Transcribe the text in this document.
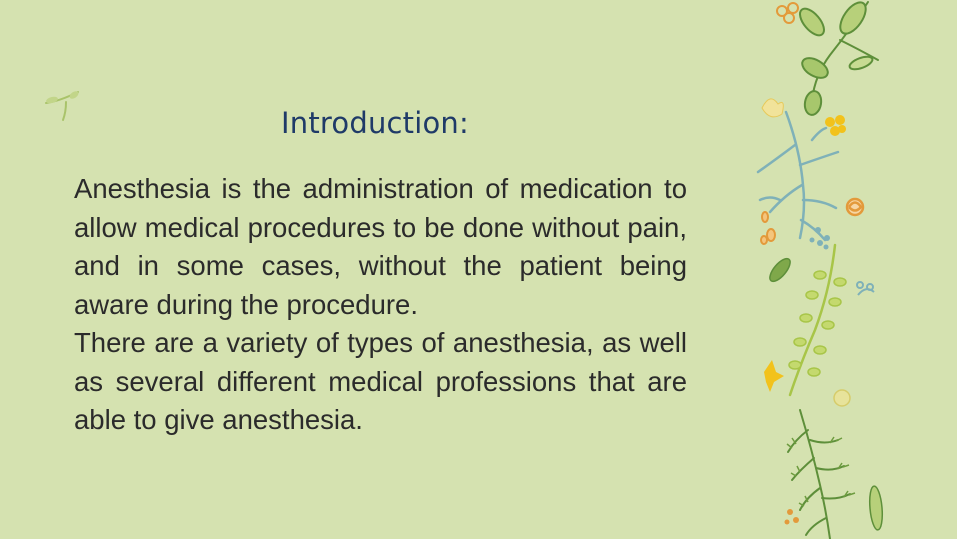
Introduction:

Anesthesia is the administration of medication to allow medical procedures to be done without pain, and in some cases, without the patient being aware during the procedure.

There are a variety of types of anesthesia, as well as several different medical professions that are able to give anesthesia.
